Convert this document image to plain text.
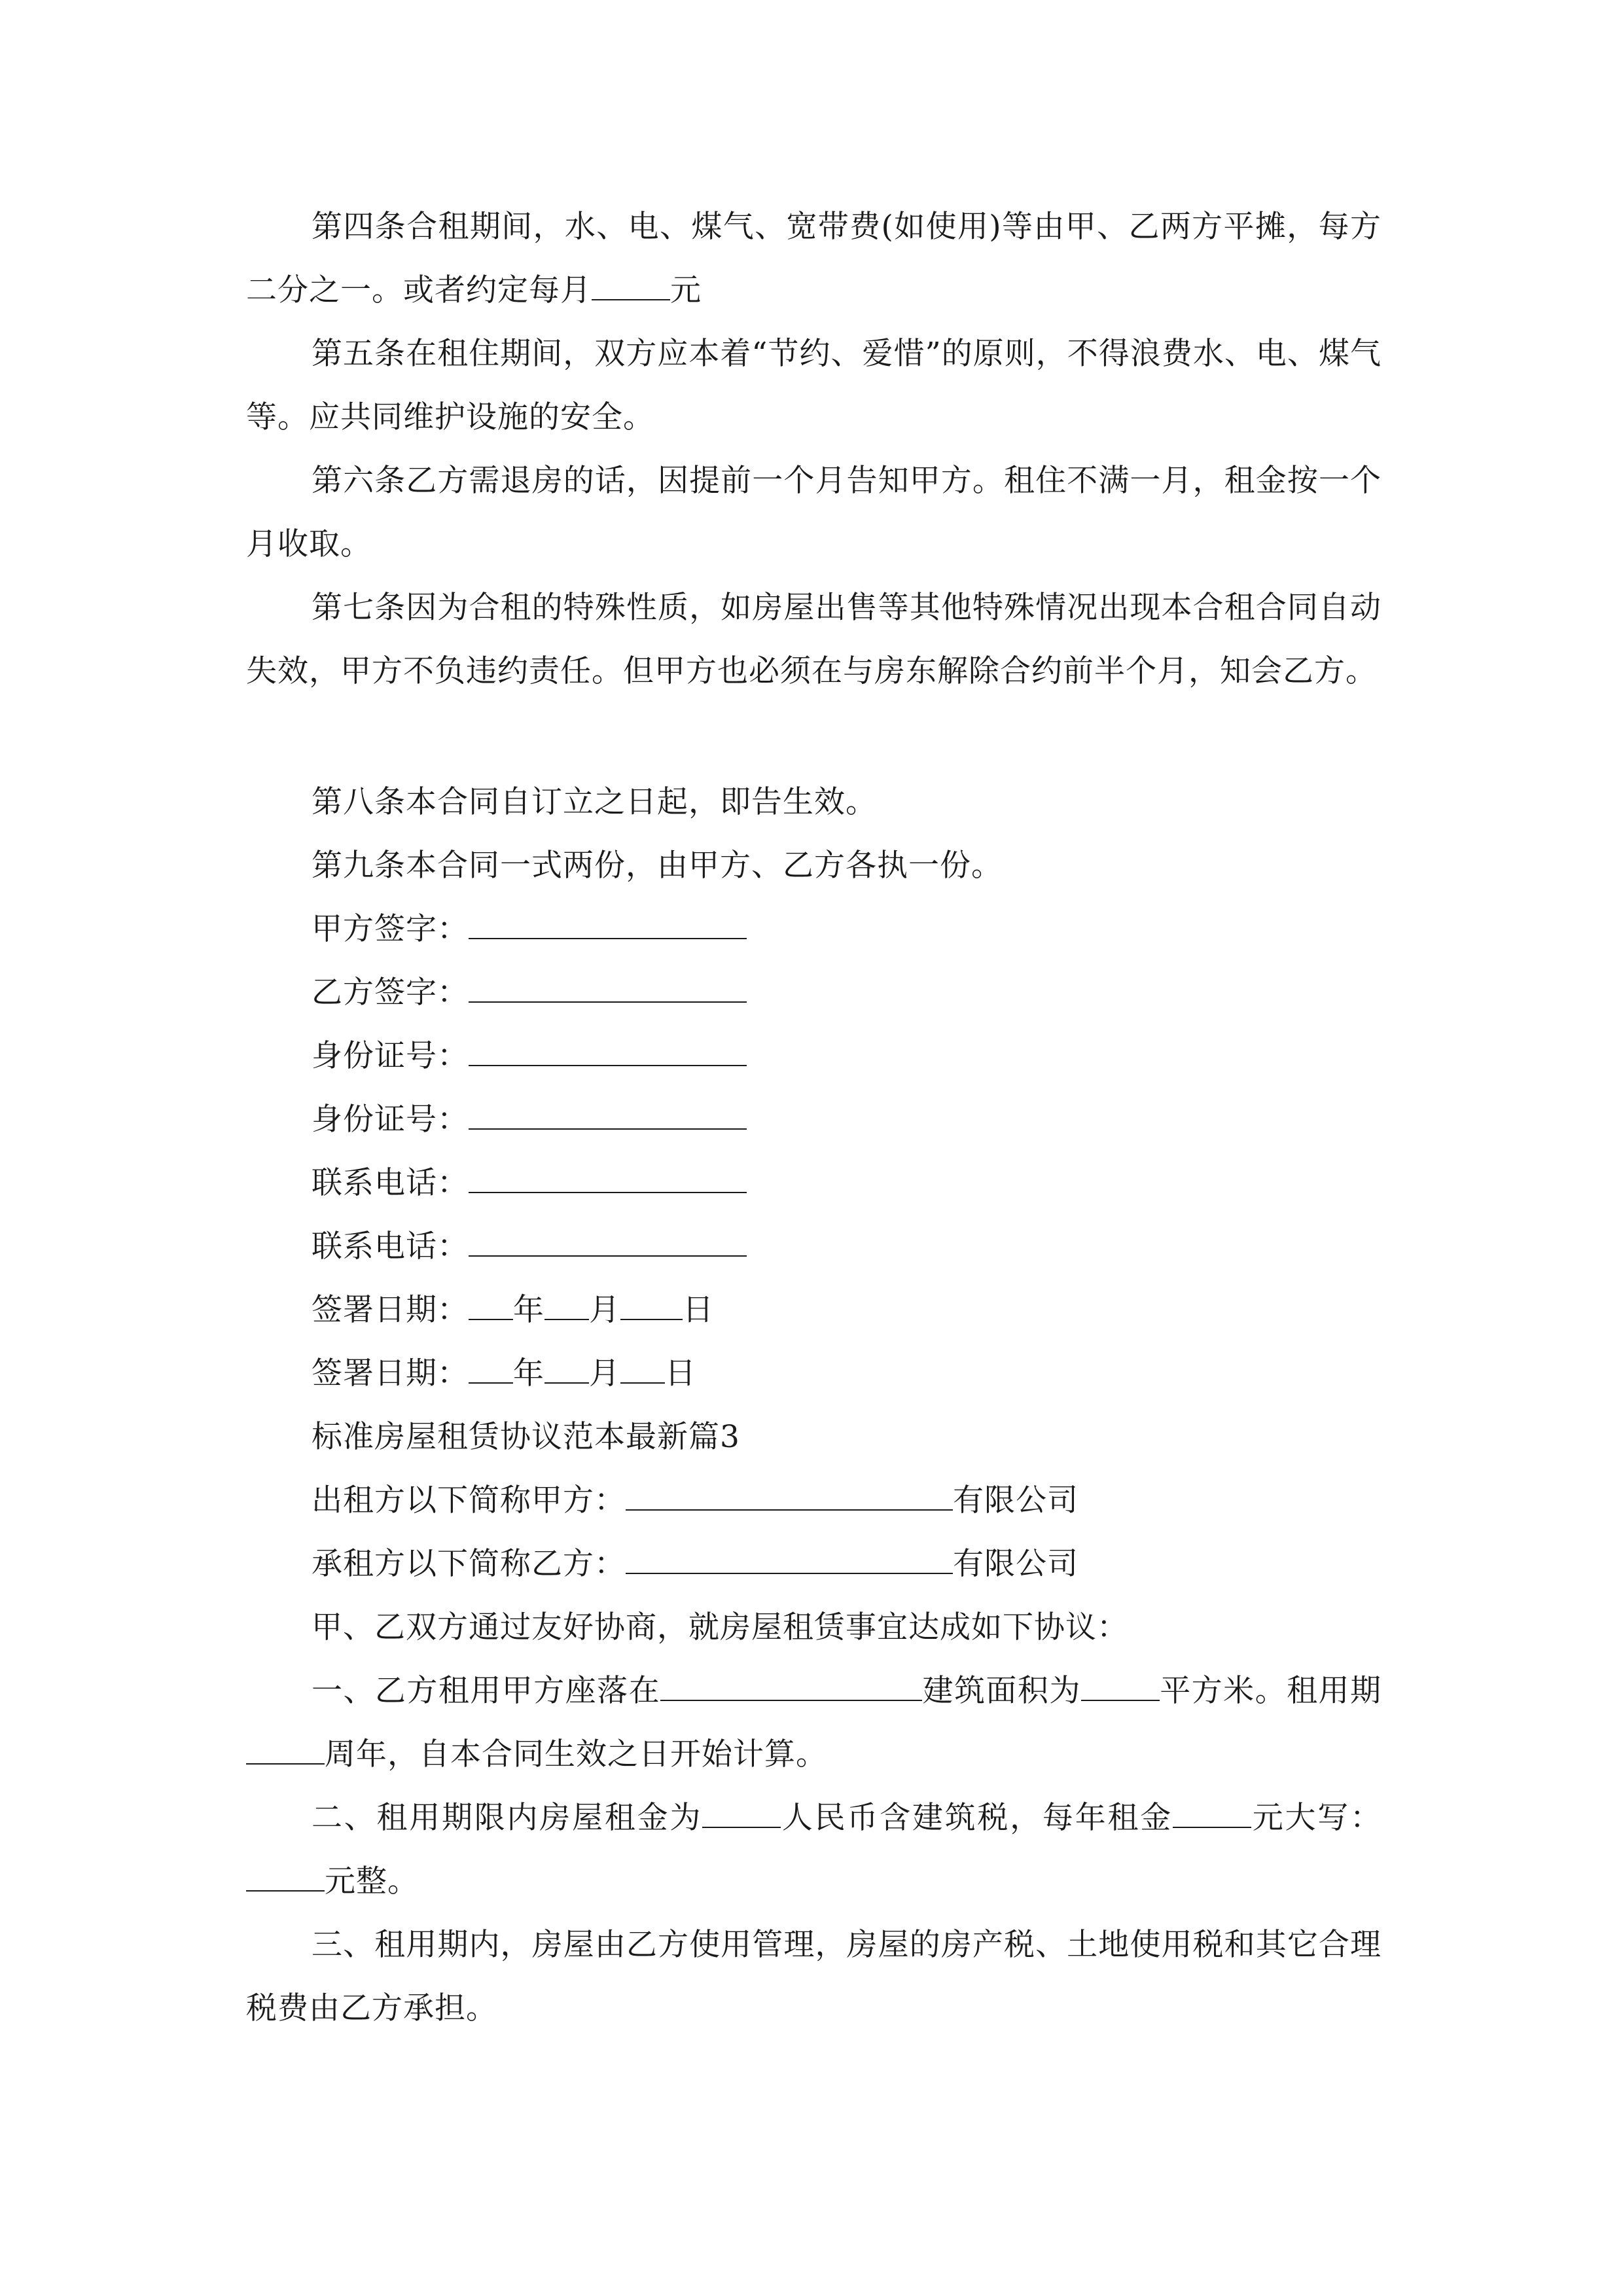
第四条合租期间，水、电、煤气、宽带费(如使用)等由甲、乙两方平摊，每方二分之一。或者约定每月	元

第五条在租住期间，双方应本着“节约、爱惜”的原则，不得浪费水、电、煤气等。应共同维护设施的安全。

第六条乙方需退房的话，因提前一个月告知甲方。租住不满一月，租金按一个月收取。

第七条因为合租的特殊性质，如房屋出售等其他特殊情况出现本合租合同自动失效，甲方不负违约责任。但甲方也必须在与房东解除合约前半个月，知会乙方。

第八条本合同自订立之日起，即告生效。

第九条本合同一式两份，由甲方、乙方各执一份。

甲方签字：

乙方签字：

身份证号：

身份证号：

联系电话：

联系电话：

签署日期： 年 月 日

签署日期： 年 月 日

标准房屋租赁协议范本最新篇3

出租方以下简称甲方：	有限公司

承租方以下简称乙方：	有限公司

甲、乙双方通过友好协商，就房屋租赁事宜达成如下协议：

一、乙方租用甲方座落在	建筑面积为	平方米。租用期周年，自本合同生效之日开始计算。

二、租用期限内房屋租金为	人民币含建筑税，每年租金	元大写：元整。

三、租用期内，房屋由乙方使用管理，房屋的房产税、土地使用税和其它合理税费由乙方承担。
